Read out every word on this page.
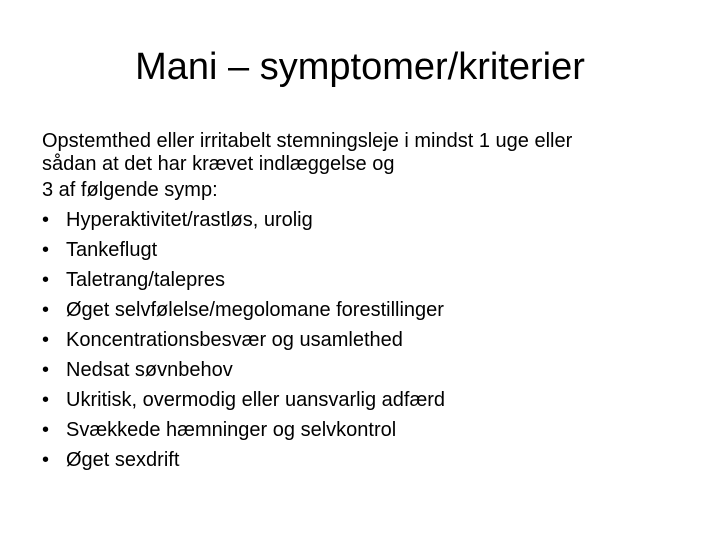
Mani – symptomer/kriterier
Opstemthed eller irritabelt stemningsleje i mindst 1 uge eller
sådan at det har krævet indlæggelse og
3 af følgende symp:
• Hyperaktivitet/rastløs, urolig
• Tankeflugt
• Taletrang/talepres
• Øget selvfølelse/megolomane forestillinger
• Koncentrationsbesvær og usamlethed
• Nedsat søvnbehov
• Ukritisk, overmodig eller uansvarlig adfærd
• Svækkede hæmninger og selvkontrol
• Øget sexdrift
